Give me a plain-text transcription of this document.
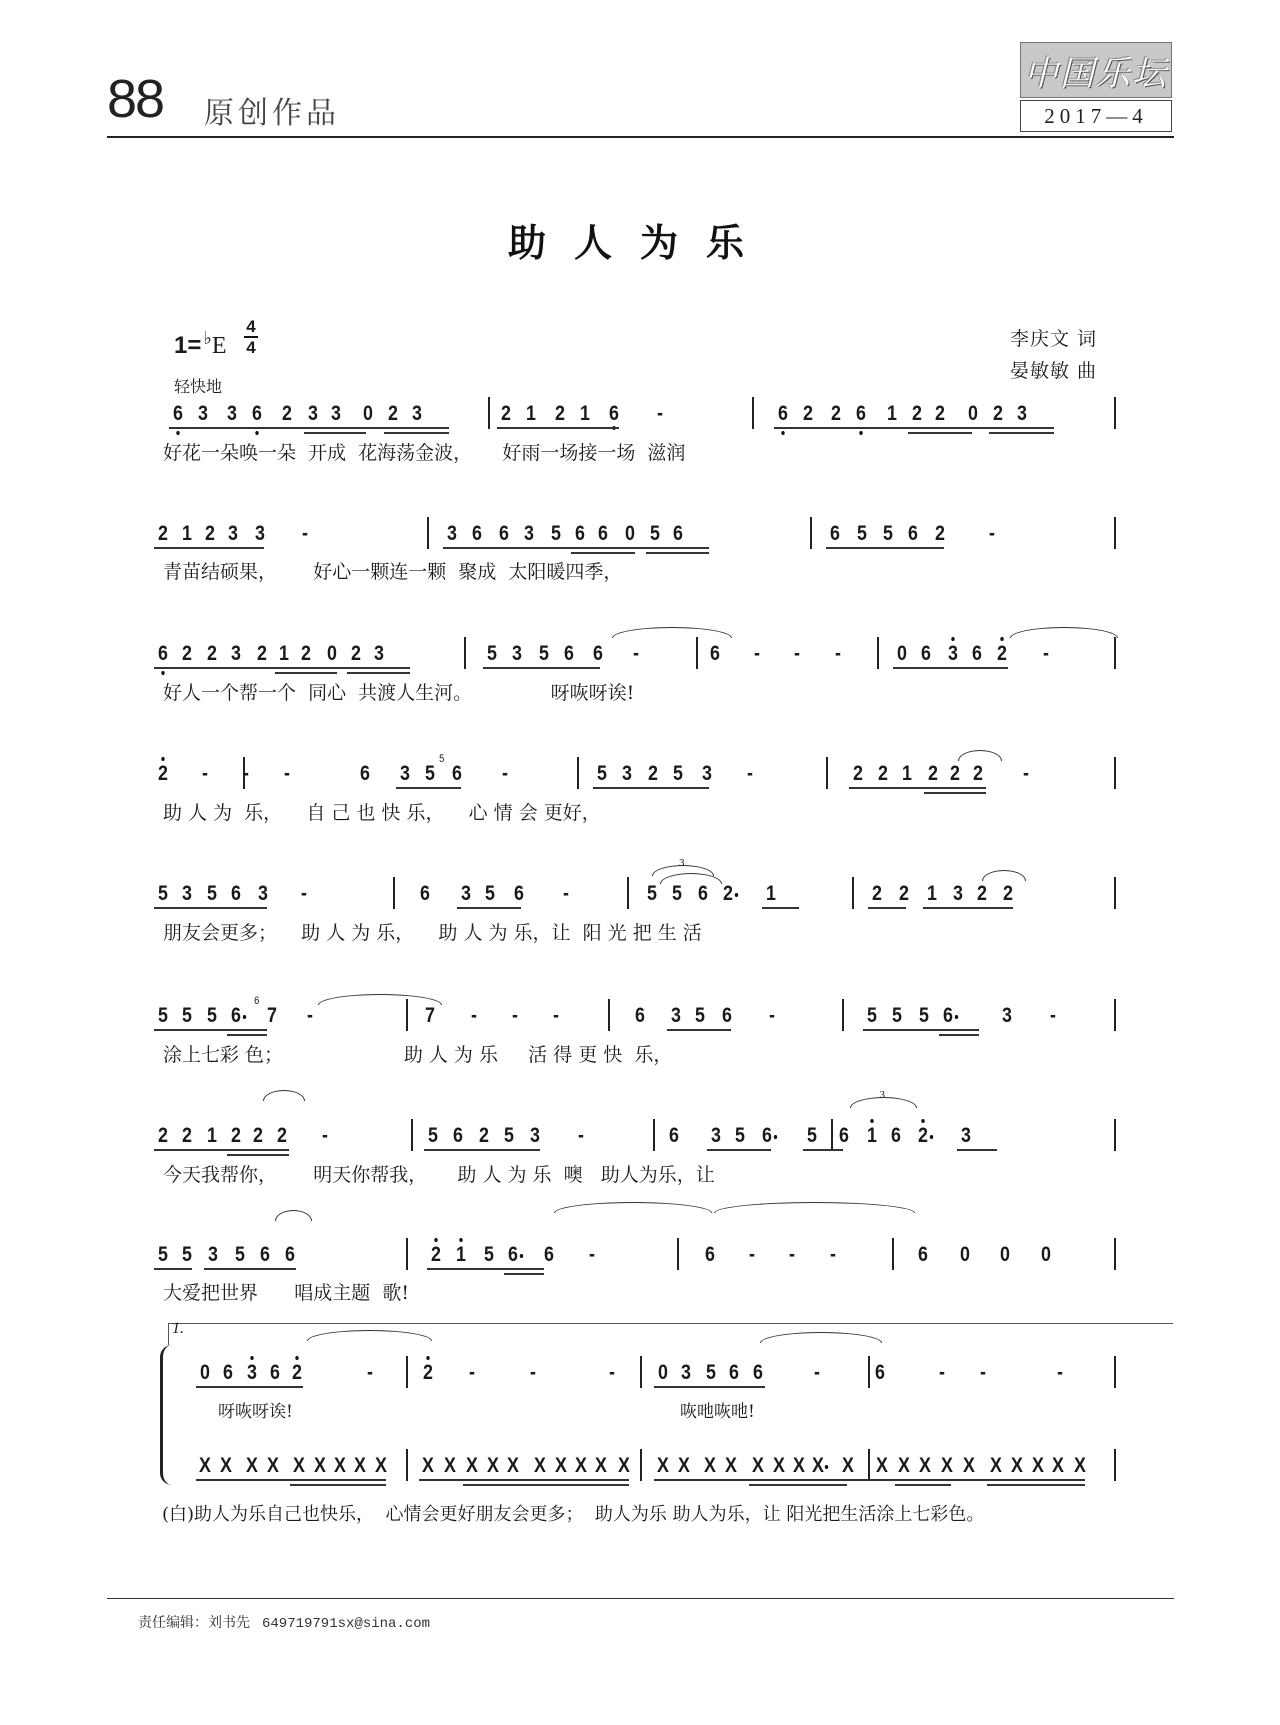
88 原创作品
中国乐坛
2017—4
助人为乐
1= ♭E
4
4
轻快地
李庆文 词
晏敏敏 曲
6 3 3 6 2 3 3 0 2 3	2 1 2 1 6	-	6 2 2 6 1 2 2 0 2 3
好花一朵唤一朵  开成  花海荡金波，     好雨一场接一场  滋润
2 1 2 3 3	-	3 6 6 3 5 6 6 0 5 6	6 5 5 6 2	-
青苗结硕果，      好心一颗连一颗  聚成  太阳暖四季，
6 2 2 3 2 1 2 0 2 3	5 3 5 6 6	-	6	-	-	-	0 6 3 6 2	-
好人一个帮一个  同心  共渡人生河。             呀咴呀诶!
2	-	-	-	6 3 5 6
5
-	5 3 2 5 3	-	2 2 1 2 2 2	-
助 人 为  乐，    自 己 也 快 乐，    心 情 会 更好，
5 3 5 6 3	-	6 3 5 6	-	5 5 6 2 1	2 2 1 3 2 2
朋友会更多；    助 人 为 乐，    助 人 为 乐，让  阳 光 把 生 活
5 5 5 6 7
6
-	7	-	-	-	6 3 5 6	-	5 5 5 6 3	-
涂上七彩 色；                    助 人 为 乐     活 得 更 快  乐，
2 2 1 2 2 2	-	5 6 2 5 3	-	6 3 5 6 5 6 1 6 2 3
3
今天我帮你，      明天你帮我，     助 人 为 乐  噢   助人为乐，让
5 5 3 5 6 6	2 1 5 6 6	-	6	-	-	-	6 0 0 0
大爱把世界      唱成主题  歌!
0 6 3 6 2	-	2	-	-	-	0 3 5 6 6	-	6	-	-	-
X X X X X X X X X X X X X X X X X X X X X X X X X X X X X X X X X X X X X X
3
1.
呀咴呀诶!	咴吔咴吔!
(白)助人为乐自己也快乐，  心情会更好朋友会更多；  助人为乐 助人为乐，让 阳光把生活涂上七彩色。
责任编辑：刘书先 649719791sx@sina.com
